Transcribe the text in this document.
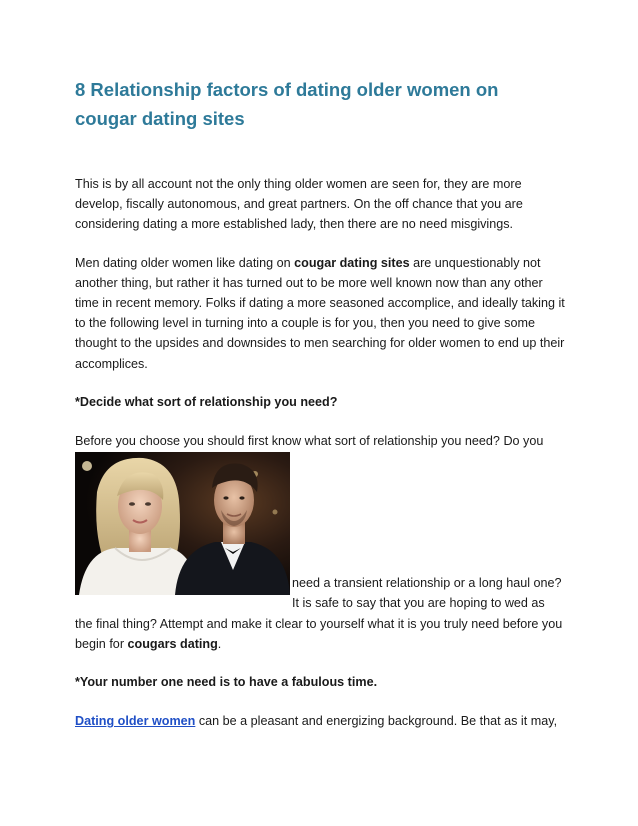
8 Relationship factors of dating older women on cougar dating sites

This is by all account not the only thing older women are seen for, they are more develop, fiscally autonomous, and great partners. On the off chance that you are considering dating a more established lady, then there are no need misgivings.

Men dating older women like dating on cougar dating sites are unquestionably not another thing, but rather it has turned out to be more well known now than any other time in recent memory. Folks if dating a more seasoned accomplice, and ideally taking it to the following level in turning into a couple is for you, then you need to give some thought to the upsides and downsides to men searching for older women to end up their accomplices.

*Decide what sort of relationship you need?

Before you choose you should first know what sort of relationship you need? Do you

need a transient relationship or a long haul one? It is safe to say that you are hoping to wed as the final thing? Attempt and make it clear to yourself what it is you truly need before you begin for cougars dating.

*Your number one need is to have a fabulous time.

Dating older women can be a pleasant and energizing background. Be that as it may,
